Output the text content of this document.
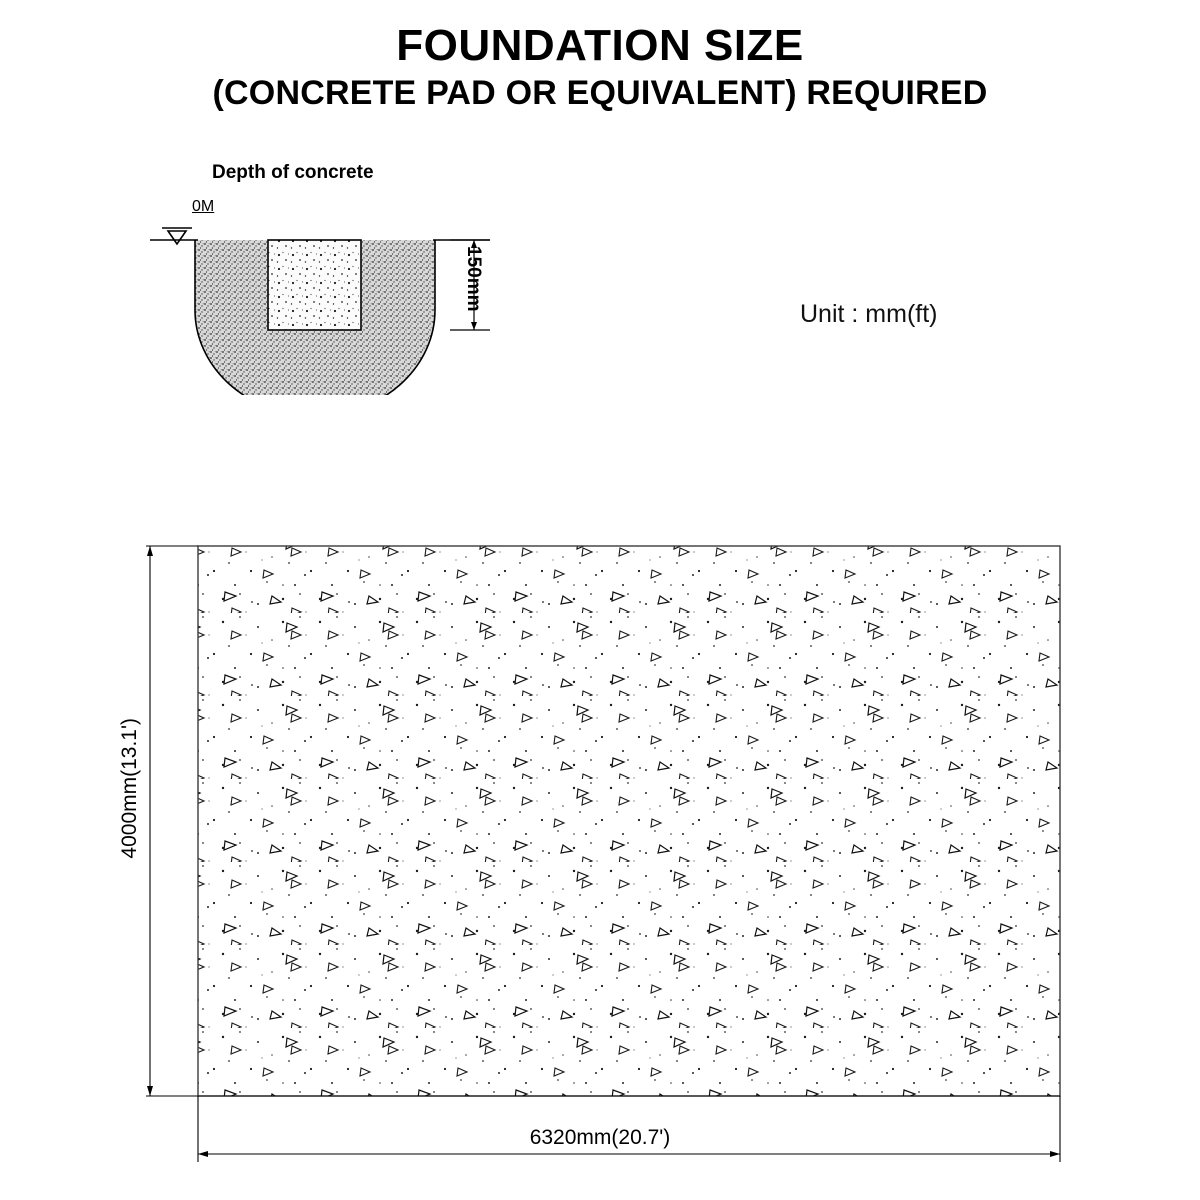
FOUNDATION SIZE
(CONCRETE PAD OR EQUIVALENT) REQUIRED
Depth of concrete
Unit : mm(ft)
0M
150mm
4000mm(13.1')
6320mm(20.7')
